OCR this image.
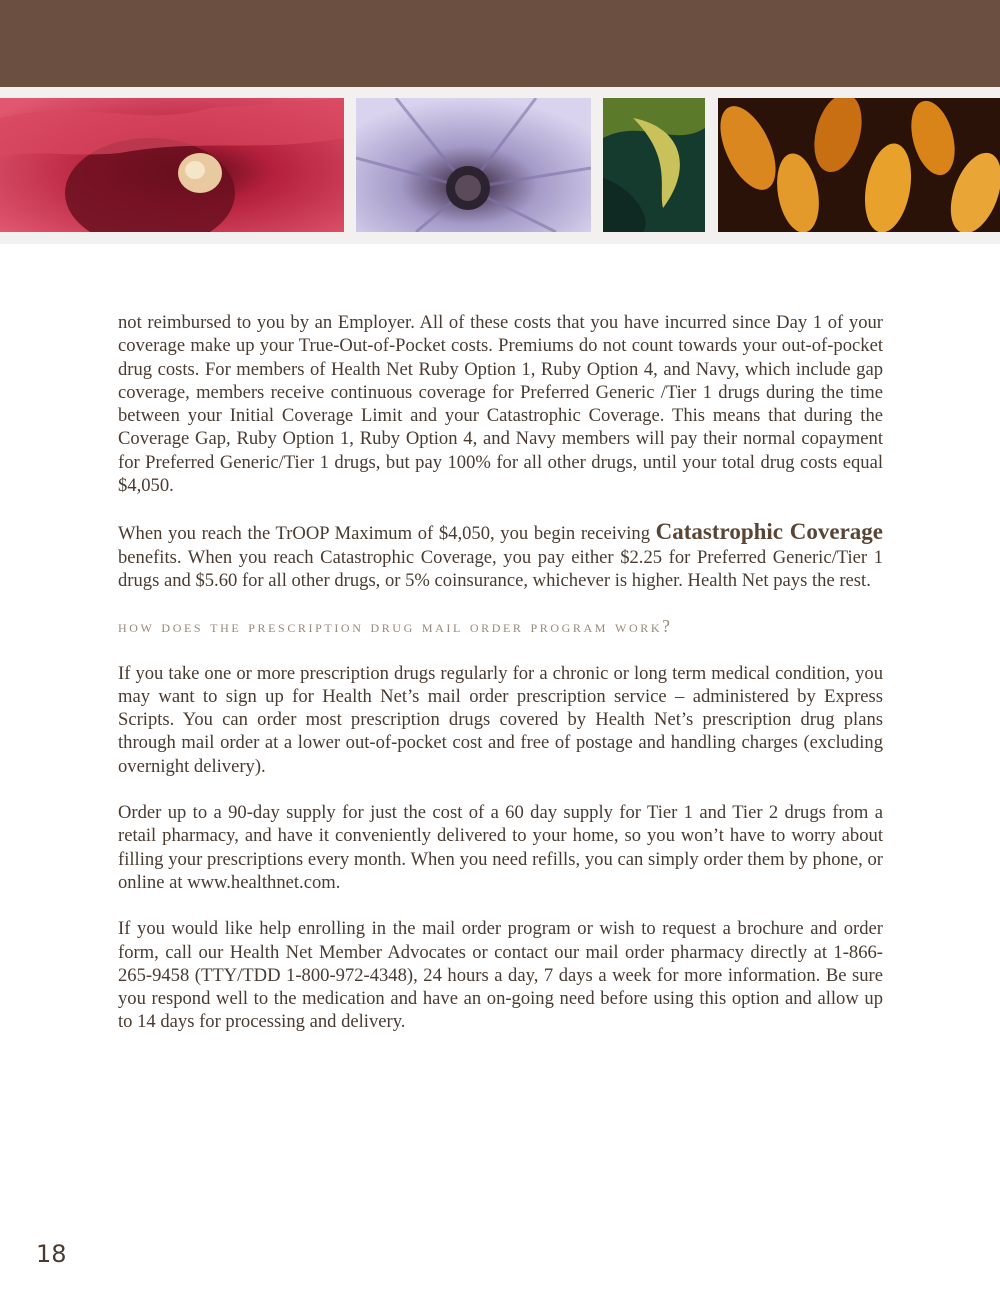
not reimbursed to you by an Employer. All of these costs that you have incurred since Day 1 of your coverage make up your True-Out-of-Pocket costs. Premiums do not count towards your out-of-pocket drug costs. For members of Health Net Ruby Option 1, Ruby Option 4, and Navy, which include gap coverage, members receive continuous coverage for Preferred Generic /Tier 1 drugs during the time between your Initial Coverage Limit and your Catastrophic Coverage. This means that during the Coverage Gap, Ruby Option 1, Ruby Option 4, and Navy members will pay their normal copayment for Preferred Generic/Tier 1 drugs, but pay 100% for all other drugs, until your total drug costs equal $4,050.

When you reach the TrOOP Maximum of $4,050, you begin receiving Catastrophic Coverage benefits. When you reach Catastrophic Coverage, you pay either $2.25 for Preferred Generic/Tier 1 drugs and $5.60 for all other drugs, or 5% coinsurance, whichever is higher. Health Net pays the rest.

how does the prescription drug mail order program work?

If you take one or more prescription drugs regularly for a chronic or long term medical condition, you may want to sign up for Health Net’s mail order prescription service – administered by Express Scripts. You can order most prescription drugs covered by Health Net’s prescription drug plans through mail order at a lower out-of-pocket cost and free of postage and handling charges (excluding overnight delivery).

Order up to a 90-day supply for just the cost of a 60 day supply for Tier 1 and Tier 2 drugs from a retail pharmacy, and have it conveniently delivered to your home, so you won’t have to worry about filling your prescriptions every month. When you need refills, you can simply order them by phone, or online at www.healthnet.com.

If you would like help enrolling in the mail order program or wish to request a brochure and order form, call our Health Net Member Advocates or contact our mail order pharmacy directly at 1-866-265-9458 (TTY/TDD 1-800-972-4348), 24 hours a day, 7 days a week for more information. Be sure you respond well to the medication and have an on-going need before using this option and allow up to 14 days for processing and delivery.

18
